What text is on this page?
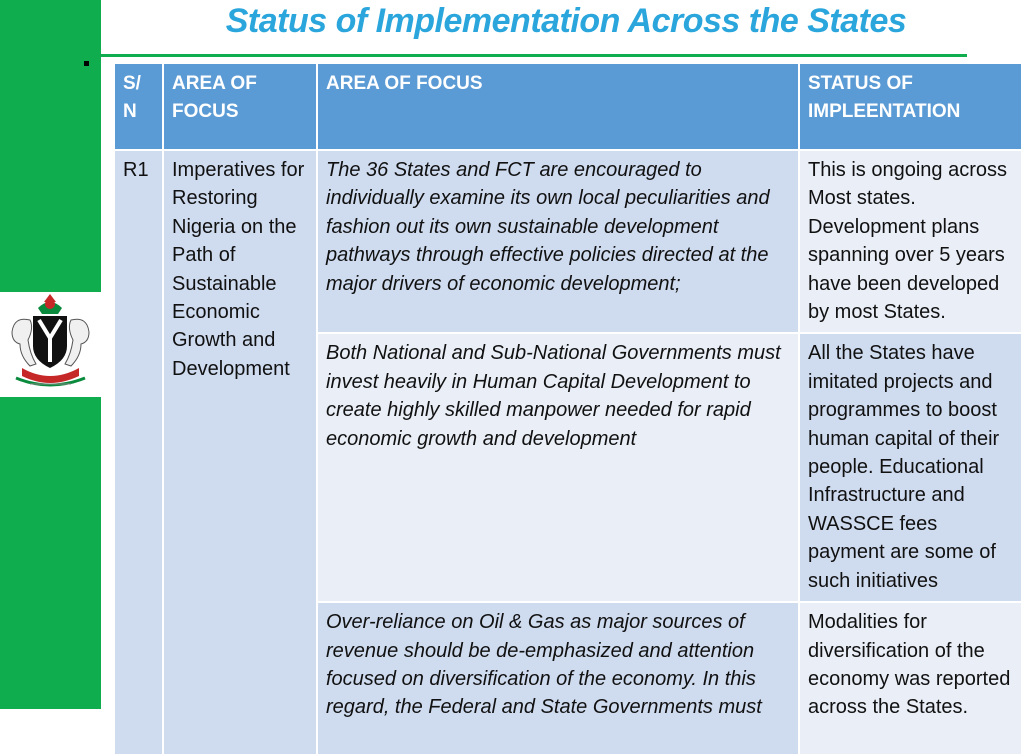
Status of Implementation Across the States
S/ N	AREA OF FOCUS	AREA OF FOCUS	STATUS OF IMPLEENTATION
R1	Imperatives for Restoring Nigeria on the Path of Sustainable Economic Growth and Development	The 36 States and FCT are encouraged to individually examine its own local peculiarities and fashion out its own sustainable development pathways through effective policies directed at the major drivers of economic development;	This is ongoing across Most states. Development plans spanning over 5 years have been developed by most States.
		Both National and Sub-National Governments must invest heavily in Human Capital Development to create highly skilled manpower needed for rapid economic growth and development	All the States have imitated projects and programmes to boost human capital of their people. Educational Infrastructure and WASSCE fees payment are some of such initiatives
		Over-reliance on Oil & Gas as major sources of revenue should be de-emphasized and attention focused on diversification of the economy. In this regard, the Federal and State Governments must	Modalities for diversification of the economy was reported across the States.
